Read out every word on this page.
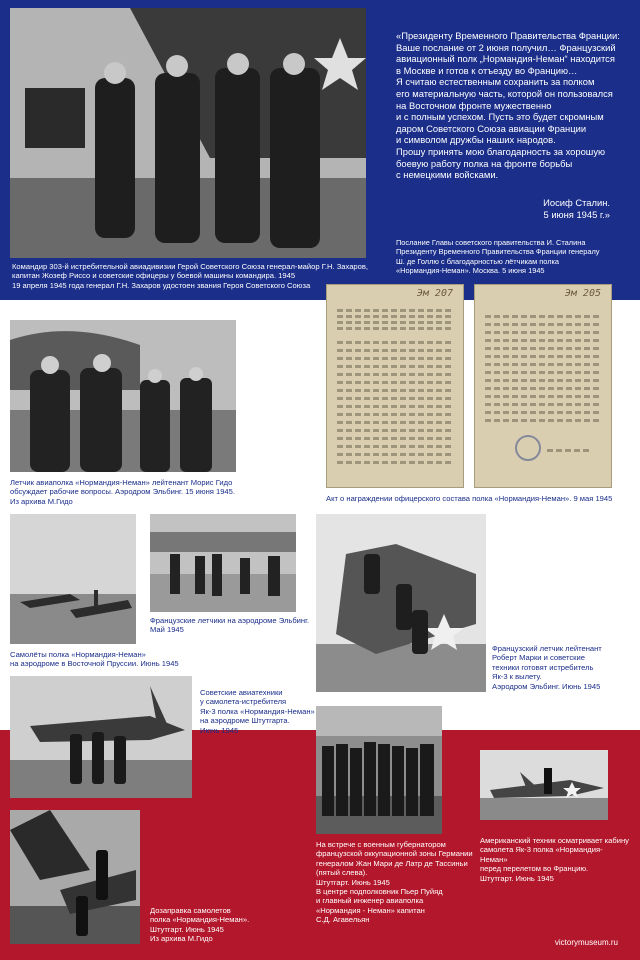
Командир 303-й истребительной авиадивизии Герой Советского Союза генерал-майор Г.Н. Захаров,
капитан Жозеф Риссо и советские офицеры у боевой машины командира. 1945
19 апреля 1945 года генерал Г.Н. Захаров удостоен звания Героя Советского Союза
«Президенту Временного Правительства Франции:
Ваше послание от 2 июня получил… Французский
авиационный полк „Нормандия-Неман“ находится
в Москве и готов к отъезду во Францию…
Я считаю естественным сохранить за полком
его материальную часть, которой он пользовался
на Восточном фронте мужественно
и с полным успехом. Пусть это будет скромным
даром Советского Союза авиации Франции
и символом дружбы наших народов.
Прошу принять мою благодарность за хорошую
боевую работу полка на фронте борьбы
с немецкими войсками.
Иосиф Сталин.
5 июня 1945 г.»
Послание Главы советского правительства И. Сталина
Президенту Временного Правительства Франции генералу
Ш. де Голлю с благодарностью лётчикам полка
«Нормандия-Неман». Москва. 5 июня 1945
Летчик авиаполка «Нормандия-Неман» лейтенант Морис Гидо
обсуждает рабочие вопросы. Аэродром Эльбинг. 15 июня 1945.
Из архива М.Гидо
Эм 207	Эм 205
Акт о награждении офицерского состава полка «Нормандия-Неман». 9 мая 1945
Самолёты полка «Нормандия-Неман»
на аэродроме в Восточной Пруссии. Июнь 1945
Французские летчики на аэродроме Эльбинг.
Май 1945
Французский летчик лейтенант
Роберт Марки и советские
техники готовят истребитель
Як-3 к вылету.
Аэродром Эльбинг. Июнь 1945
Советские авиатехники
у самолета-истребителя
Як-3 полка «Нормандия-Неман»
на аэродроме Штутгарта.
Июнь 1945
Дозаправка самолетов
полка «Нормандия-Неман».
Штутгарт. Июнь 1945
Из архива М.Гидо
На встрече с военным губернатором
французской оккупационной зоны Германии
генералом Жан Мари де Латр де Тассиньи
(пятый слева).
Штутгарт. Июнь 1945
В центре подполковник Пьер Пуйяд
и главный инженер авиаполка
«Нормандия - Неман» капитан
С.Д. Агавельян
Американский техник осматривает кабину
самолета Як-3 полка «Нормандия-Неман»
перед перелетом во Францию.
Штутгарт. Июнь 1945
victorymuseum.ru
